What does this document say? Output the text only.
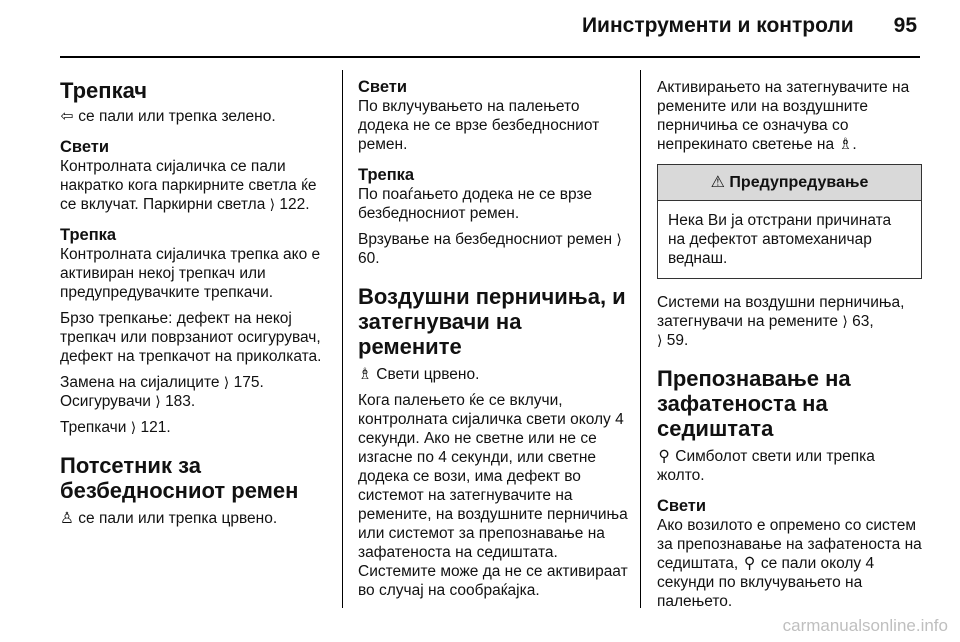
Иинструменти и контроли 95
Трепкач

⇦ се пали или трепка зелено.

Свети

Контролната сијаличка се пали накратко кога паркирните светла ќе се вклучат. Паркирни светла ⟩ 122.

Трепка

Контролната сијаличка трепка ако е активиран некој трепкач или предупредувачките трепкачи.

Брзо трепкање: дефект на некој трепкач или поврзаниот осигурувач, дефект на трепкачот на приколката.

Замена на сијалиците ⟩ 175.

Осигурувачи ⟩ 183.

Трепкачи ⟩ 121.

Потсетник за безбедносниот ремен

♙ се пали или трепка црвено.

Свети

По вклучувањето на палењето додека не се врзе безбедносниот ремен.

Трепка

По поаѓањето додека не се врзе безбедносниот ремен.

Врзување на безбедносниот ремен ⟩ 60.

Воздушни перничиња, и затегнувачи на ремените

♗ Свети црвено.

Кога палењето ќе се вклучи, контролната сијаличка свети околу 4 секунди. Ако не светне или не се изгасне по 4 секунди, или светне додека се вози, има дефект во системот на затегнувачите на ремените, на воздушните перничиња или системот за препознавање на зафатеноста на седиштата. Системите може да не се активираат во случај на сообраќајка.

Активирањето на затегнувачите на ремените или на воздушните перничиња се означува со непрекинато светење на ♗.

⚠ Предупредување
Нека Ви ја отстрани причината на дефектот автомеханичар веднаш.

Системи на воздушни перничиња, затегнувачи на ремените ⟩ 63,
⟩ 59.

Препознавање на зафатеноста на седиштата

⚲ Симболот свети или трепка жолто.

Свети

Ако возилото е опремено со систем за препознавање на зафатеноста на седиштата, ⚲ се пали околу 4 секунди по вклучувањето на палењето.

carmanualsonline.info
